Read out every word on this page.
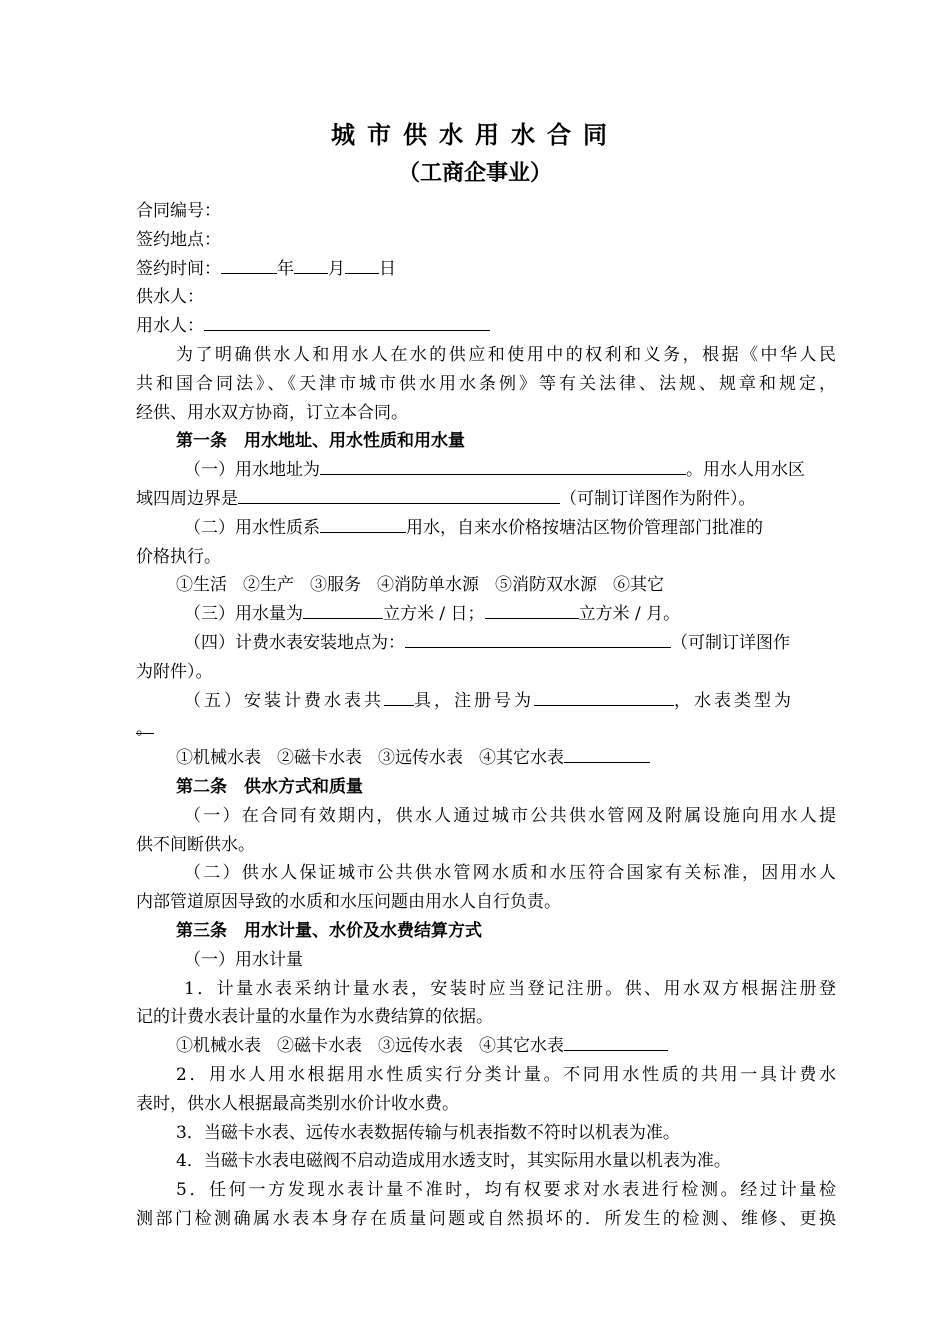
城市供水用水合同
（工商企事业）
合同编号：
签约地点：
签约时间：	年 月 日
供水人：
用水人：
为了明确供水人和用水人在水的供应和使用中的权利和义务，根据《中华人民
共和国合同法》、《天津市城市供水用水条例》等有关法律、法规、规章和规定，
经供、用水双方协商，订立本合同。
第一条　用水地址、用水性质和用水量
（一）用水地址为	。用水人用水区
域四周边界是	（可制订详图作为附件）。
（二）用水性质系	用水，自来水价格按塘沽区物价管理部门批准的
价格执行。
①生活 ②生产 ③服务 ④消防单水源 ⑤消防双水源 ⑥其它
（三）用水量为	立方米 / 日；	立方米 / 月。
（四）计费水表安装地点为：	（可制订详图作
为附件）。
（五）安装计费水表共 具，注册号为	，水表类型为
。
①机械水表 ②磁卡水表 ③远传水表 ④其它水表
第二条　供水方式和质量
（一）在合同有效期内，供水人通过城市公共供水管网及附属设施向用水人提
供不间断供水。
（二）供水人保证城市公共供水管网水质和水压符合国家有关标准，因用水人
内部管道原因导致的水质和水压问题由用水人自行负责。
第三条　用水计量、水价及水费结算方式
（一）用水计量
1．计量水表采纳计量水表，安装时应当登记注册。供、用水双方根据注册登
记的计费水表计量的水量作为水费结算的依据。
①机械水表 ②磁卡水表 ③远传水表 ④其它水表
2．用水人用水根据用水性质实行分类计量。不同用水性质的共用一具计费水
表时，供水人根据最高类别水价计收水费。
3．当磁卡水表、远传水表数据传输与机表指数不符时以机表为准。
4．当磁卡水表电磁阀不启动造成用水透支时，其实际用水量以机表为准。
5．任何一方发现水表计量不准时，均有权要求对水表进行检测。经过计量检
测部门检测确属水表本身存在质量问题或自然损坏的．所发生的检测、维修、更换
